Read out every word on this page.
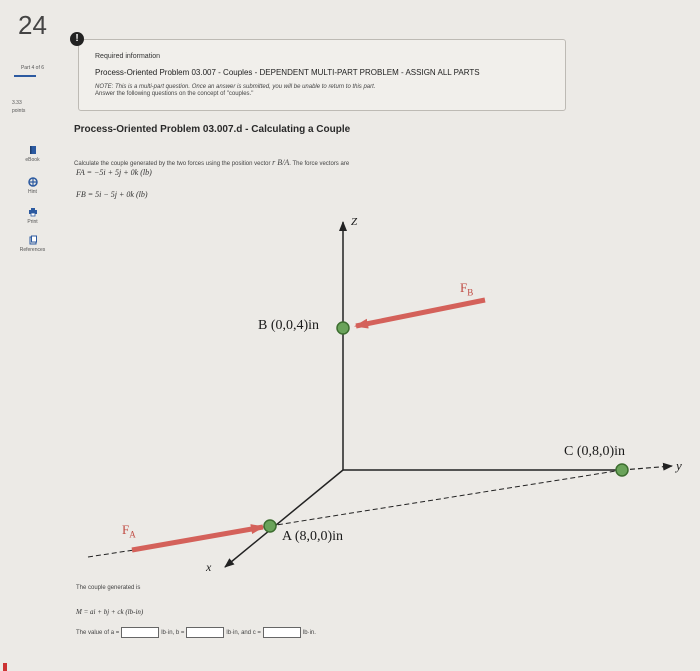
24
Part 4 of 6
3.33
points
eBook
Hint
Print
References
Required information
Process-Oriented Problem 03.007 - Couples - DEPENDENT MULTI-PART PROBLEM - ASSIGN ALL PARTS
NOTE: This is a multi-part question. Once an answer is submitted, you will be unable to return to this part.
Answer the following questions on the concept of "couples."
!
Process-Oriented Problem 03.007.d - Calculating a Couple
Calculate the couple generated by the two forces using the position vector r B/A. The force vectors are
FA = −5i + 5j + 0k (lb)
FB = 5i − 5j + 0k (lb)
Z
x
y
B (0,0,4)in
A (8,0,0)in
C (0,8,0)in
$F_A$
$F_B$
The couple generated is
M = ai + bj + ck (lb-in)
The value of a =	lb·in, b =	lb·in, and c =	lb·in.
